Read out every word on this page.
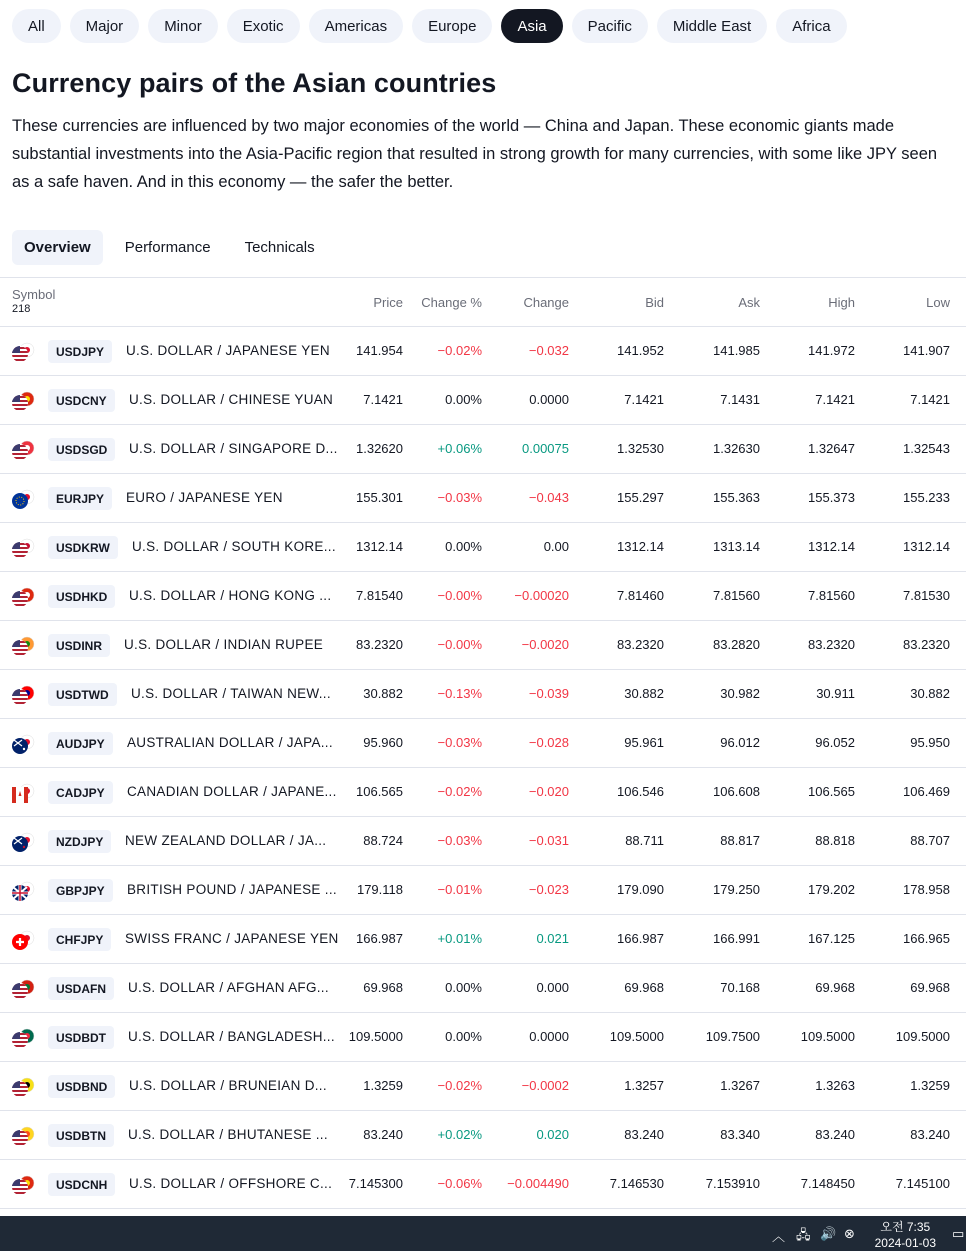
All	Major	Minor	Exotic	Americas	Europe	Asia	Pacific	Middle East	Africa
Currency pairs of the Asian countries

These currencies are influenced by two major economies of the world — China and Japan. These economic giants made substantial investments into the Asia-Pacific region that resulted in strong growth for many currencies, with some like JPY seen as a safe haven. And in this economy — the safer the better.

Overview	Performance	Technicals
Symbol
218	Price Change %	Change	Bid	Ask	High	Low
USDJPY	U.S. DOLLAR / JAPANESE YEN 141.954	−0.02%	−0.032	141.952	141.985	141.972	141.907
USDCNY	U.S. DOLLAR / CHINESE YUAN 7.1421	0.00%	0.0000	7.1421	7.1431	7.1421	7.1421
USDSGD	U.S. DOLLAR / SINGAPORE D... 1.32620	+0.06%	0.00075	1.32530	1.32630	1.32647	1.32543
EURJPY	EURO / JAPANESE YEN	155.301	−0.03%	−0.043	155.297	155.363	155.373	155.233
USDKRW	U.S. DOLLAR / SOUTH KORE... 1312.14	0.00%	0.00	1312.14	1313.14	1312.14	1312.14
USDHKD	U.S. DOLLAR / HONG KONG ... 7.81540	−0.00% −0.00020	7.81460	7.81560	7.81560	7.81530
USDINR	U.S. DOLLAR / INDIAN RUPEE	83.2320	−0.00%	−0.0020	83.2320	83.2820	83.2320	83.2320
USDTWD	U.S. DOLLAR / TAIWAN NEW... 30.882	−0.13%	−0.039	30.882	30.982	30.911	30.882
AUDJPY	AUSTRALIAN DOLLAR / JAPA... 95.960	−0.03%	−0.028	95.961	96.012	96.052	95.950
CADJPY	CANADIAN DOLLAR / JAPANE... 106.565	−0.02%	−0.020	106.546	106.608	106.565	106.469
NZDJPY	NEW ZEALAND DOLLAR / JA...	88.724	−0.03%	−0.031	88.711	88.817	88.818	88.707
GBPJPY	BRITISH POUND / JAPANESE ... 179.118	−0.01%	−0.023	179.090	179.250	179.202	178.958
CHFJPY	SWISS FRANC / JAPANESE YEN 166.987	+0.01%	0.021	166.987	166.991	167.125	166.965
USDAFN	U.S. DOLLAR / AFGHAN AFG...	69.968	0.00%	0.000	69.968	70.168	69.968	69.968
USDBDT	U.S. DOLLAR / BANGLADESH... 109.5000	0.00%	0.0000	109.5000	109.7500	109.5000	109.5000
USDBND	U.S. DOLLAR / BRUNEIAN D...	1.3259	−0.02%	−0.0002	1.3257	1.3267	1.3263	1.3259
USDBTN	U.S. DOLLAR / BHUTANESE ...	83.240	+0.02%	0.020	83.240	83.340	83.240	83.240
USDCNH	U.S. DOLLAR / OFFSHORE C... 7.145300	−0.06% −0.004490	7.146530	7.153910	7.148450	7.145100
︿ 🖧 🔊 ⊗	오전 7:35
2024-01-03
▭
